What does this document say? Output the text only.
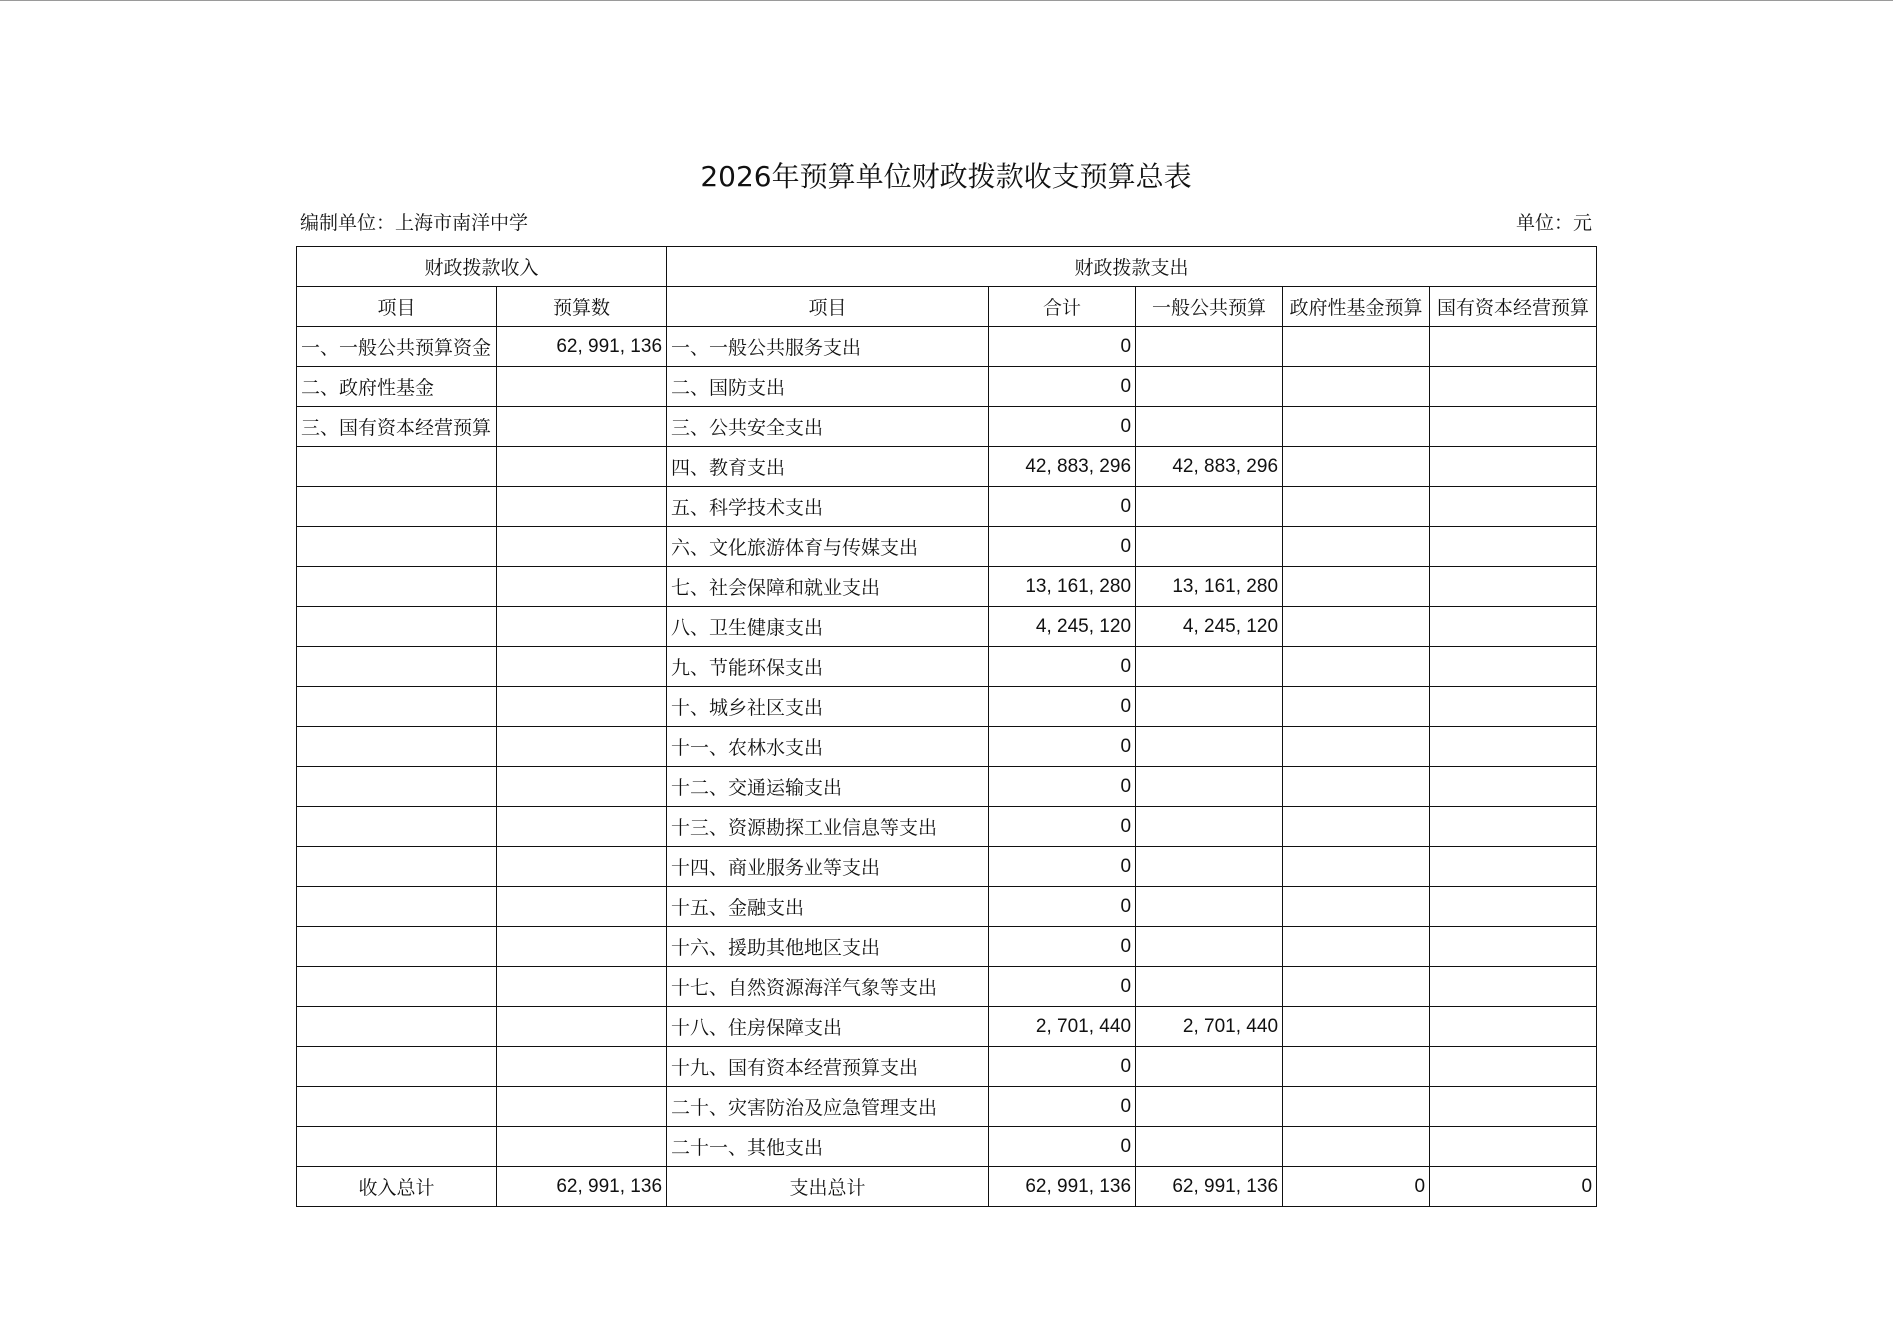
2026年预算单位财政拨款收支预算总表
编制单位：上海市南洋中学	单位：元
财政拨款收入		财政拨款支出				
项目	预算数	项目	合计	一般公共预算	政府性基金预算	国有资本经营预算
一、一般公共预算资金	62, 991, 136	一、一般公共服务支出	0			
二、政府性基金		二、国防支出	0			
三、国有资本经营预算		三、公共安全支出	0			
		四、教育支出	42, 883, 296	42, 883, 296		
		五、科学技术支出	0			
		六、文化旅游体育与传媒支出	0			
		七、社会保障和就业支出	13, 161, 280	13, 161, 280		
		八、卫生健康支出	4, 245, 120	4, 245, 120		
		九、节能环保支出	0			
		十、城乡社区支出	0			
		十一、农林水支出	0			
		十二、交通运输支出	0			
		十三、资源勘探工业信息等支出	0			
		十四、商业服务业等支出	0			
		十五、金融支出	0			
		十六、援助其他地区支出	0			
		十七、自然资源海洋气象等支出	0			
		十八、住房保障支出	2, 701, 440	2, 701, 440		
		十九、国有资本经营预算支出	0			
		二十、灾害防治及应急管理支出	0			
		二十一、其他支出	0			
收入总计	62, 991, 136	支出总计	62, 991, 136	62, 991, 136	0	0
